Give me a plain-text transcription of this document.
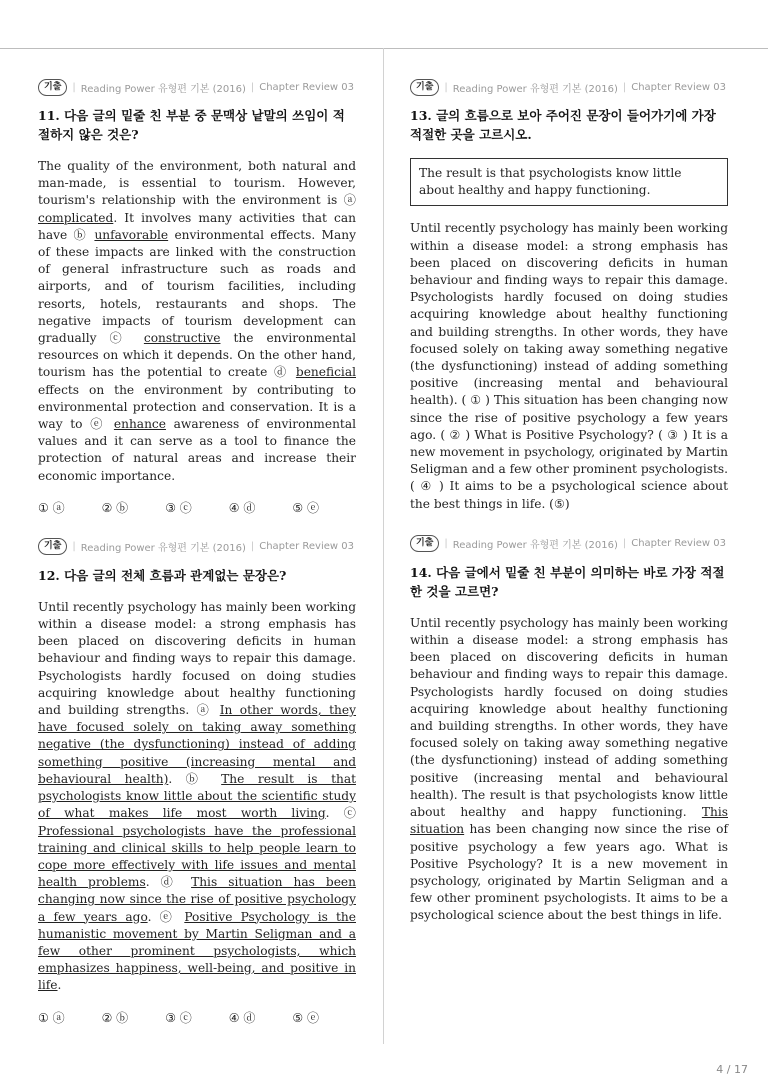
기출	| Reading Power 유형편 기본 (2016) | Chapter Review 03
11. 다음 글의 밑줄 친 부분 중 문맥상 낱말의 쓰임이 적절하지 않은 것은?

The quality of the environment, both natural and man-made, is essential to tourism. However, tourism's relationship with the environment is ⓐ complicated. It involves many activities that can have ⓑ unfavorable environmental effects. Many of these impacts are linked with the construction of general infrastructure such as roads and airports, and of tourism facilities, including resorts, hotels, restaurants and shops. The negative impacts of tourism development can gradually ⓒ constructive the environmental resources on which it depends. On the other hand, tourism has the potential to create ⓓ beneficial effects on the environment by contributing to environmental protection and conservation. It is a way to ⓔ enhance awareness of environmental values and it can serve as a tool to finance the protection of natural areas and increase their economic importance.

① ⓐ	② ⓑ	③ ⓒ	④ ⓓ	⑤ ⓔ
기출	| Reading Power 유형편 기본 (2016) | Chapter Review 03
12. 다음 글의 전체 흐름과 관계없는 문장은?

Until recently psychology has mainly been working within a disease model: a strong emphasis has been placed on discovering deficits in human behaviour and finding ways to repair this damage. Psychologists hardly focused on doing studies acquiring knowledge about healthy functioning and building strengths. ⓐ In other words, they have focused solely on taking away something negative (the dysfunctioning) instead of adding something positive (increasing mental and behavioural health). ⓑ The result is that psychologists know little about the scientific study of what makes life most worth living. ⓒ Professional psychologists have the professional training and clinical skills to help people learn to cope more effectively with life issues and mental health problems. ⓓ This situation has been changing now since the rise of positive psychology a few years ago. ⓔ Positive Psychology is the humanistic movement by Martin Seligman and a few other prominent psychologists, which emphasizes happiness, well-being, and positive in life.

① ⓐ	② ⓑ	③ ⓒ	④ ⓓ	⑤ ⓔ
기출	| Reading Power 유형편 기본 (2016) | Chapter Review 03
13. 글의 흐름으로 보아 주어진 문장이 들어가기에 가장 적절한 곳을 고르시오.
The result is that psychologists know little about healthy and happy functioning.

Until recently psychology has mainly been working within a disease model: a strong emphasis has been placed on discovering deficits in human behaviour and finding ways to repair this damage. Psychologists hardly focused on doing studies acquiring knowledge about healthy functioning and building strengths. In other words, they have focused solely on taking away something negative (the dysfunctioning) instead of adding something positive (increasing mental and behavioural health). ( ① ) This situation has been changing now since the rise of positive psychology a few years ago. ( ② ) What is Positive Psychology? ( ③ ) It is a new movement in psychology, originated by Martin Seligman and a few other prominent psychologists. ( ④ ) It aims to be a psychological science about the best things in life. (⑤)

기출	| Reading Power 유형편 기본 (2016) | Chapter Review 03
14. 다음 글에서 밑줄 친 부분이 의미하는 바로 가장 적절한 것을 고르면?

Until recently psychology has mainly been working within a disease model: a strong emphasis has been placed on discovering deficits in human behaviour and finding ways to repair this damage. Psychologists hardly focused on doing studies acquiring knowledge about healthy functioning and building strengths. In other words, they have focused solely on taking away something negative (the dysfunctioning) instead of adding something positive (increasing mental and behavioural health). The result is that psychologists know little about healthy and happy functioning. This situation has been changing now since the rise of positive psychology a few years ago. What is Positive Psychology? It is a new movement in psychology, originated by Martin Seligman and a few other prominent psychologists. It aims to be a psychological science about the best things in life.

4 / 17
